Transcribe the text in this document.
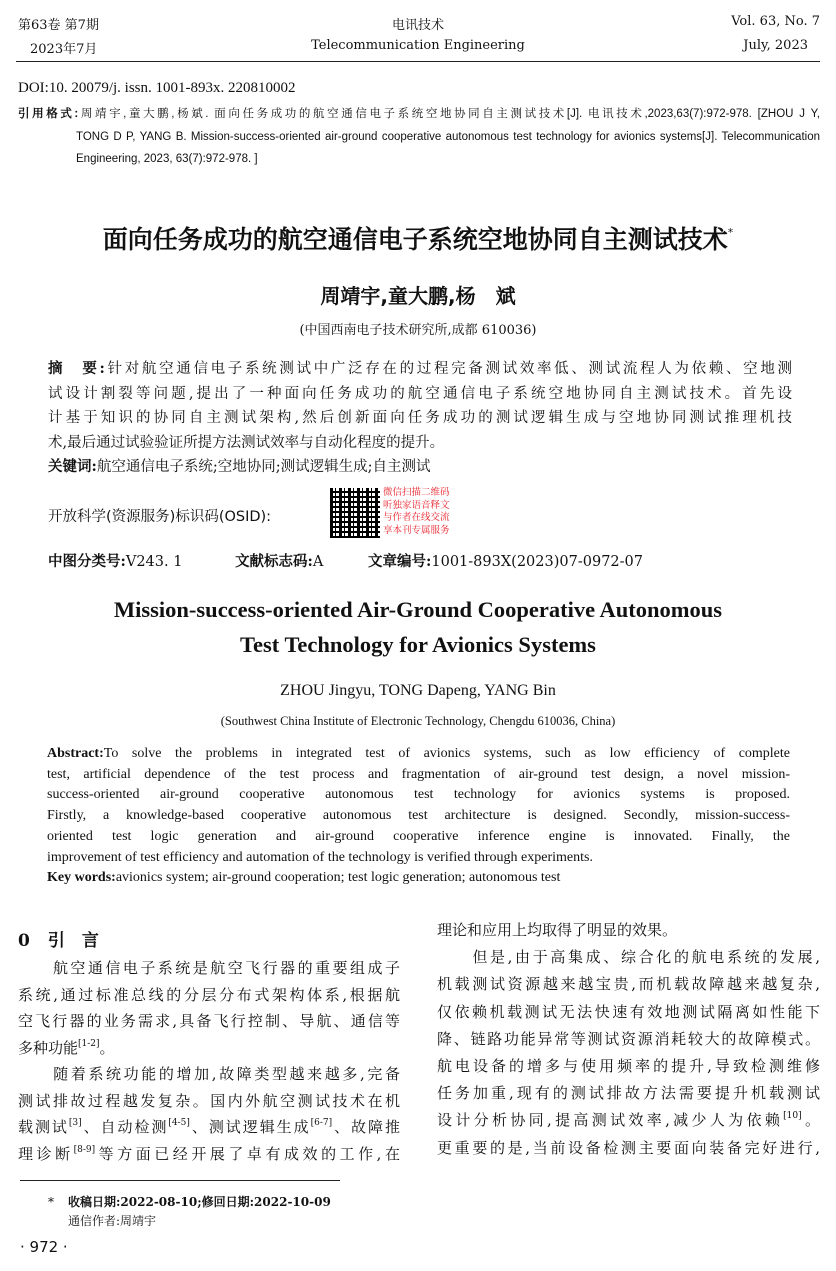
第63卷 第7期
2023年7月
电讯技术
Telecommunication Engineering
Vol. 63, No. 7
July, 2023
DOI:10. 20079/j. issn. 1001-893x. 220810002
引用格式:周靖宇,童大鹏,杨斌. 面向任务成功的航空通信电子系统空地协同自主测试技术[J]. 电讯技术,2023,63(7):972-978. [ZHOU J Y,
TONG D P, YANG B. Mission-success-oriented air-ground cooperative autonomous test technology for avionics systems[J]. Telecommunication
Engineering, 2023, 63(7):972-978. ]
面向任务成功的航空通信电子系统空地协同自主测试技术*
周靖宇,童大鹏,杨　斌
(中国西南电子技术研究所,成都 610036)
摘　要:针对航空通信电子系统测试中广泛存在的过程完备测试效率低、测试流程人为依赖、空地测
试设计割裂等问题,提出了一种面向任务成功的航空通信电子系统空地协同自主测试技术。首先设
计基于知识的协同自主测试架构,然后创新面向任务成功的测试逻辑生成与空地协同测试推理机技
术,最后通过试验验证所提方法测试效率与自动化程度的提升。
关键词:航空通信电子系统;空地协同;测试逻辑生成;自主测试
开放科学(资源服务)标识码(OSID):
微信扫描二维码
听独家语音释文
与作者在线交流
享本刊专属服务
中图分类号:V243. 1	文献标志码:A	文章编号:1001-893X(2023)07-0972-07
Mission-success-oriented Air-Ground Cooperative Autonomous
Test Technology for Avionics Systems
ZHOU Jingyu, TONG Dapeng, YANG Bin
(Southwest China Institute of Electronic Technology, Chengdu 610036, China)
Abstract:To solve the problems in integrated test of avionics systems, such as low efficiency of complete
test, artificial dependence of the test process and fragmentation of air-ground test design, a novel mission-
success-oriented air-ground cooperative autonomous test technology for avionics systems is proposed.
Firstly, a knowledge-based cooperative autonomous test architecture is designed. Secondly, mission-success-
oriented test logic generation and air-ground cooperative inference engine is innovated. Finally, the
improvement of test efficiency and automation of the technology is verified through experiments.
Key words:avionics system; air-ground cooperation; test logic generation; autonomous test
0 引　言
　　航空通信电子系统是航空飞行器的重要组成子
系统,通过标准总线的分层分布式架构体系,根据航
空飞行器的业务需求,具备飞行控制、导航、通信等
多种功能[1-2]。
　　随着系统功能的增加,故障类型越来越多,完备
测试排故过程越发复杂。国内外航空测试技术在机
载测试[3]、自动检测[4-5]、测试逻辑生成[6-7]、故障推
理诊断[8-9]等方面已经开展了卓有成效的工作,在
理论和应用上均取得了明显的效果。
　　但是,由于高集成、综合化的航电系统的发展,
机载测试资源越来越宝贵,而机载故障越来越复杂,
仅依赖机载测试无法快速有效地测试隔离如性能下
降、链路功能异常等测试资源消耗较大的故障模式。
航电设备的增多与使用频率的提升,导致检测维修
任务加重,现有的测试排故方法需要提升机载测试
设计分析协同,提高测试效率,减少人为依赖[10]。
更重要的是,当前设备检测主要面向装备完好进行,
* 收稿日期:2022-08-10;修回日期:2022-10-09
通信作者:周靖宇
· 972 ·
